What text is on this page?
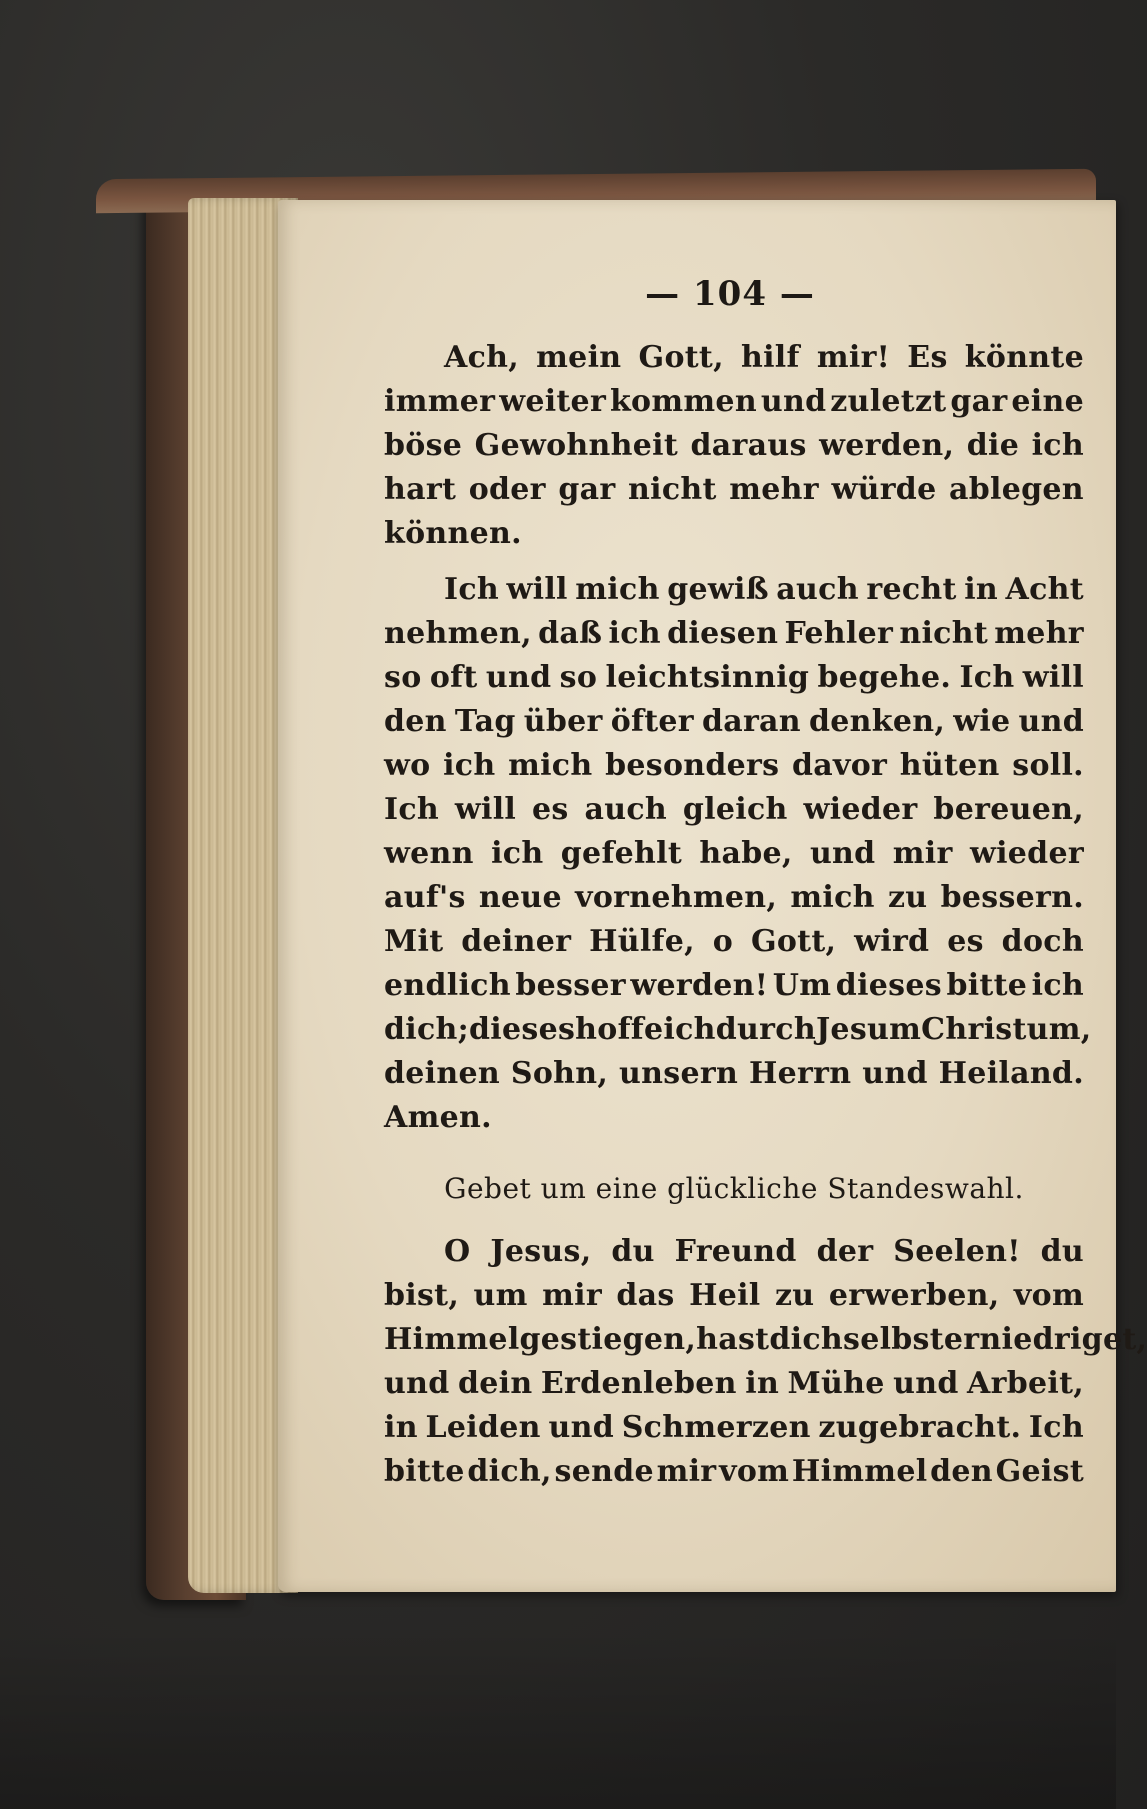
— 104 —
Ach, mein Gott, hilf mir! Es könnte
immer weiter kommen und zuletzt gar eine
böse Gewohnheit daraus werden, die ich
hart oder gar nicht mehr würde ablegen
können.
Ich will mich gewiß auch recht in Acht
nehmen, daß ich diesen Fehler nicht mehr
so oft und so leichtsinnig begehe. Ich will
den Tag über öfter daran denken, wie und
wo ich mich besonders davor hüten soll.
Ich will es auch gleich wieder bereuen,
wenn ich gefehlt habe, und mir wieder
auf's neue vornehmen, mich zu bessern.
Mit deiner Hülfe, o Gott, wird es doch
endlich besser werden! Um dieses bitte ich
dich; dieses hoffe ich durch Jesum Christum,
deinen Sohn, unsern Herrn und Heiland.
Amen.
Gebet um eine glückliche Standeswahl.
O Jesus, du Freund der Seelen! du
bist, um mir das Heil zu erwerben, vom
Himmel gestiegen, hast dich selbst erniedriget,
und dein Erdenleben in Mühe und Arbeit,
in Leiden und Schmerzen zugebracht. Ich
bitte dich, sende mir vom Himmel den Geist
